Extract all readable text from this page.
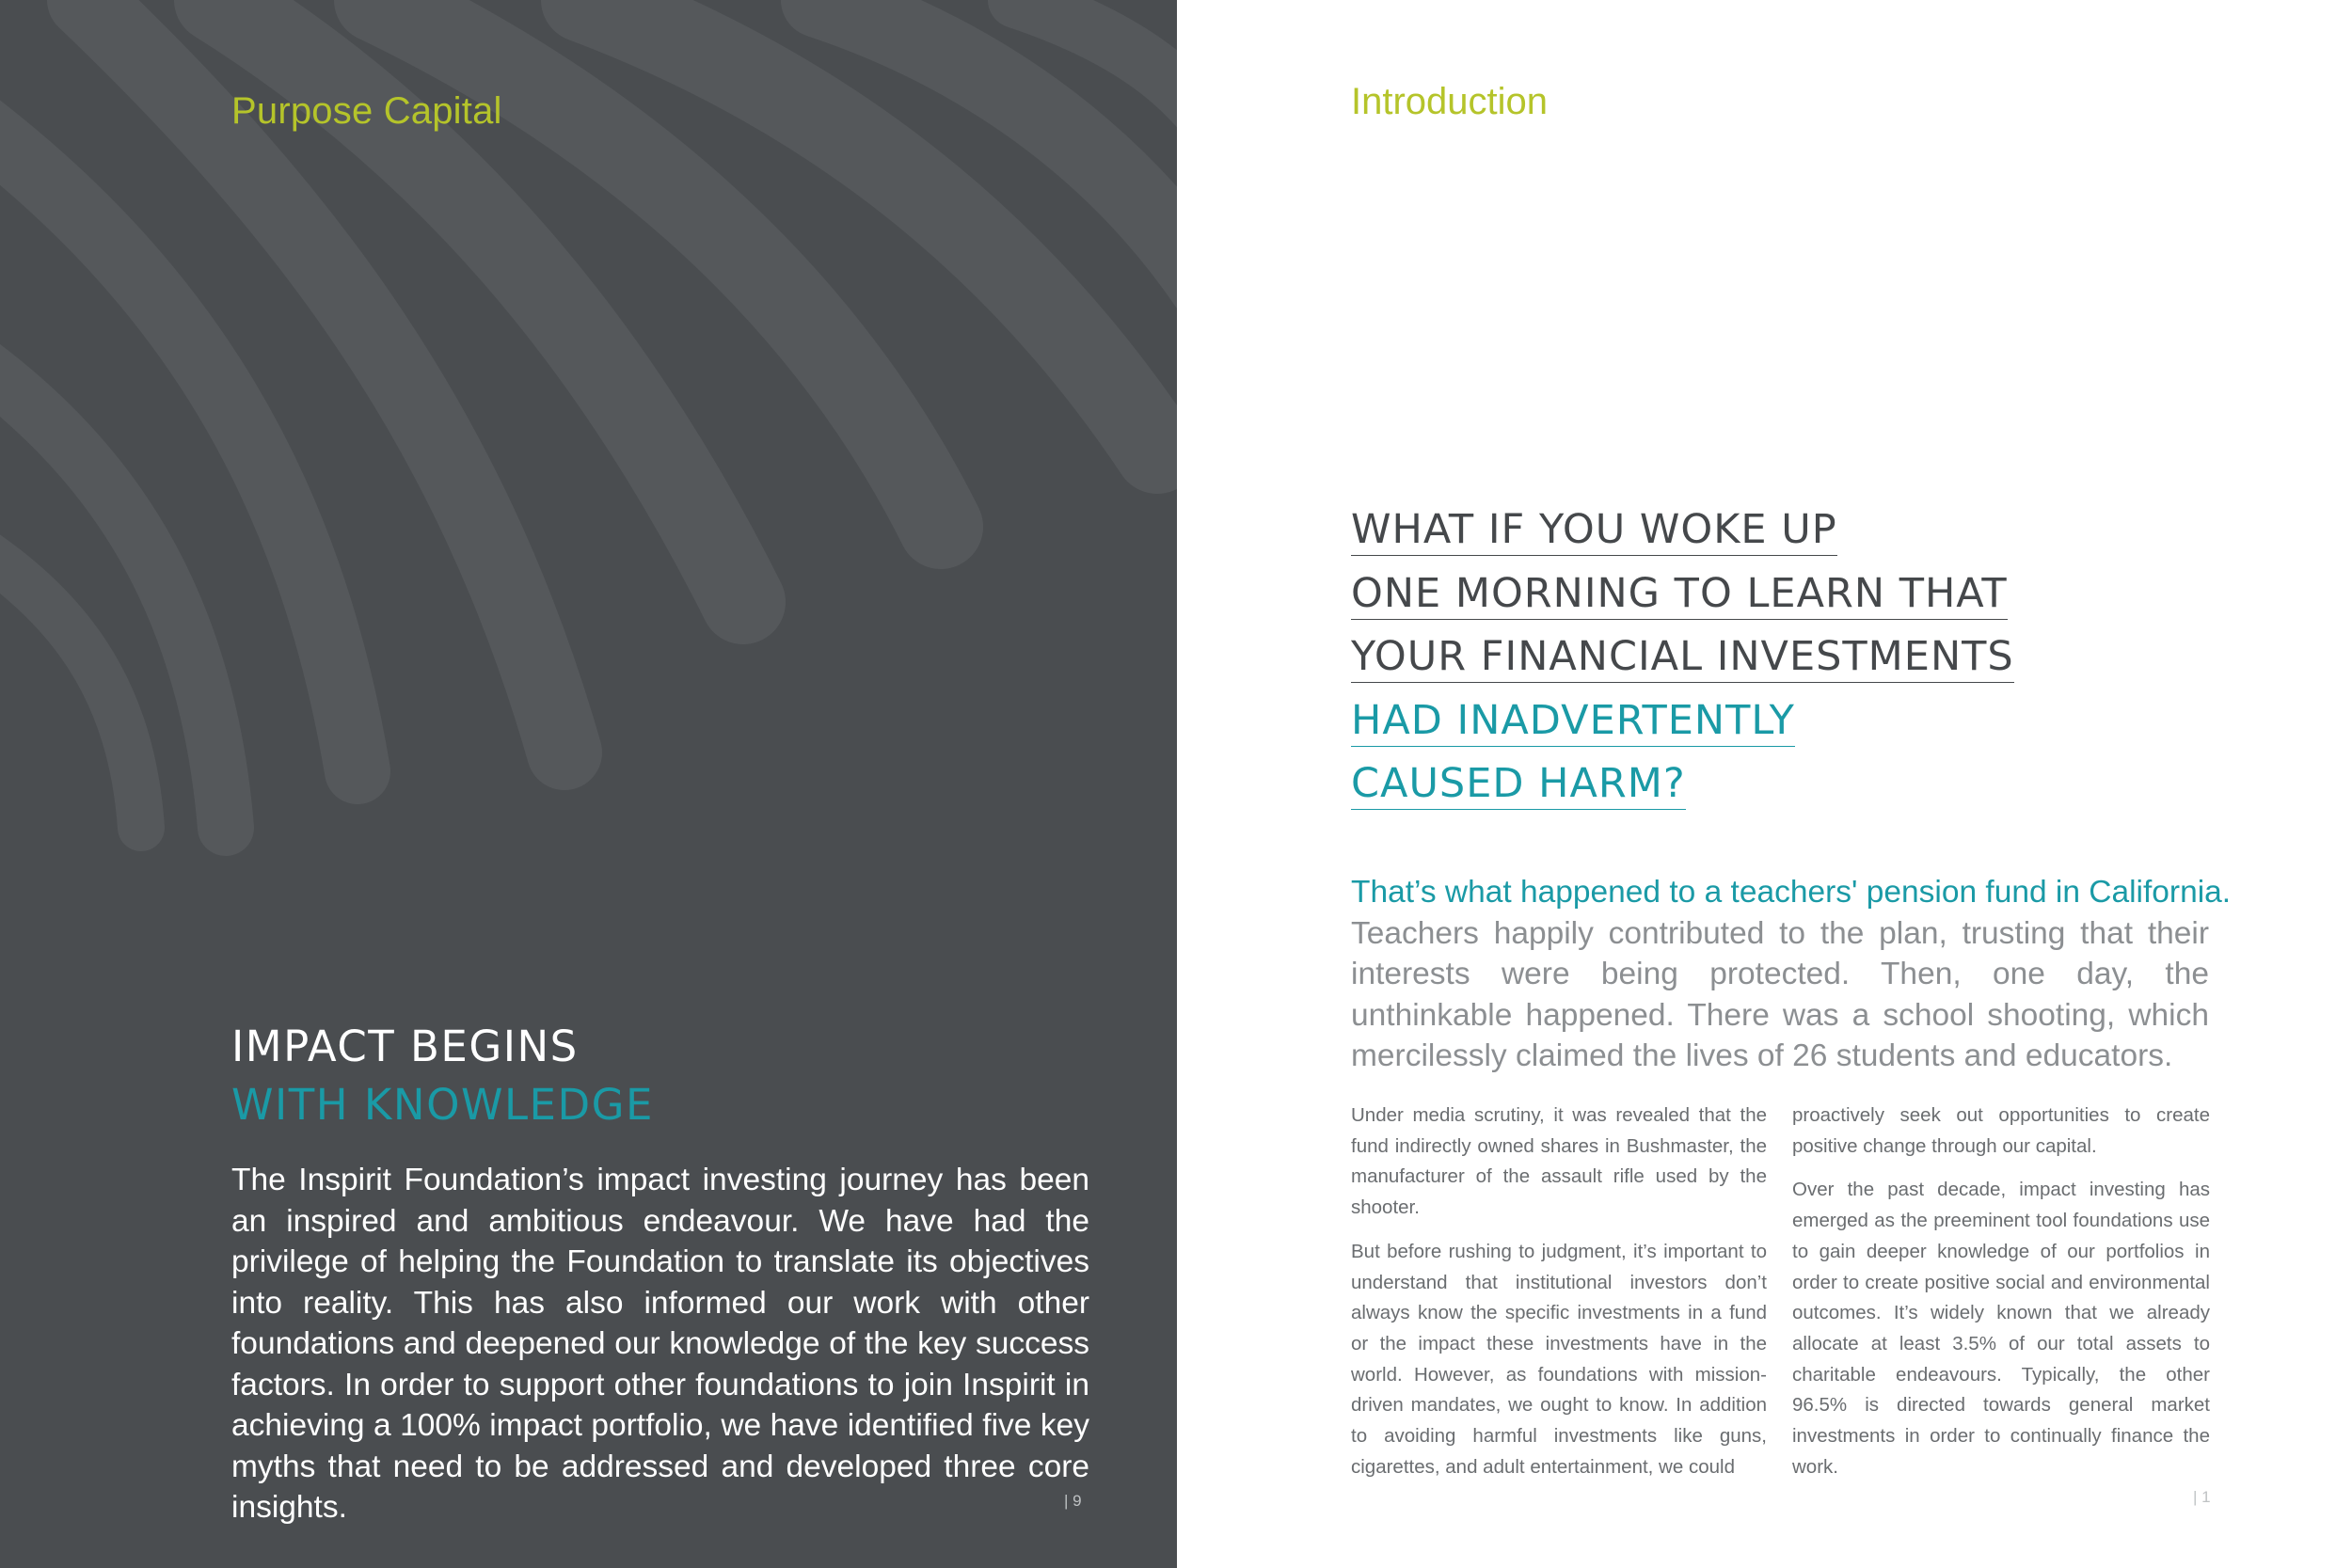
Purpose Capital
IMPACT BEGINS
WITH KNOWLEDGE
The Inspirit Foundation’s impact investing journey has been an inspired and ambitious endeavour. We have had the privilege of helping the Foundation to translate its objectives into reality. This has also informed our work with other foundations and deepened our knowledge of the key success factors. In order to support other foundations to join Inspirit in achieving a 100% impact portfolio, we have identified five key myths that need to be addressed and developed three core insights.	| 9
Introduction
WHAT IF YOU WOKE UP
ONE MORNING TO LEARN THAT
YOUR FINANCIAL INVESTMENTS
HAD INADVERTENTLY
CAUSED HARM?
That’s what happened to a teachers' pension fund in California. Teachers happily contributed to the plan, trusting that their interests were being protected. Then, one day, the unthinkable happened. There was a school shooting, which mercilessly claimed the lives of 26 students and educators.

Under media scrutiny, it was revealed that the fund indirectly owned shares in Bushmaster, the manufacturer of the assault rifle used by the shooter.

But before rushing to judgment, it’s important to understand that institutional investors don’t always know the specific investments in a fund or the impact these investments have in the world. However, as foundations with mission-driven mandates, we ought to know. In addition to avoiding harmful investments like guns, cigarettes, and adult entertainment, we could

proactively seek out opportunities to create positive change through our capital.

Over the past decade, impact investing has emerged as the preeminent tool foundations use to gain deeper knowledge of our portfolios in order to create positive social and environmental outcomes. It’s widely known that we already allocate at least 3.5% of our total assets to charitable endeavours. Typically, the other 96.5% is directed towards general market investments in order to continually finance the work.

| 1
